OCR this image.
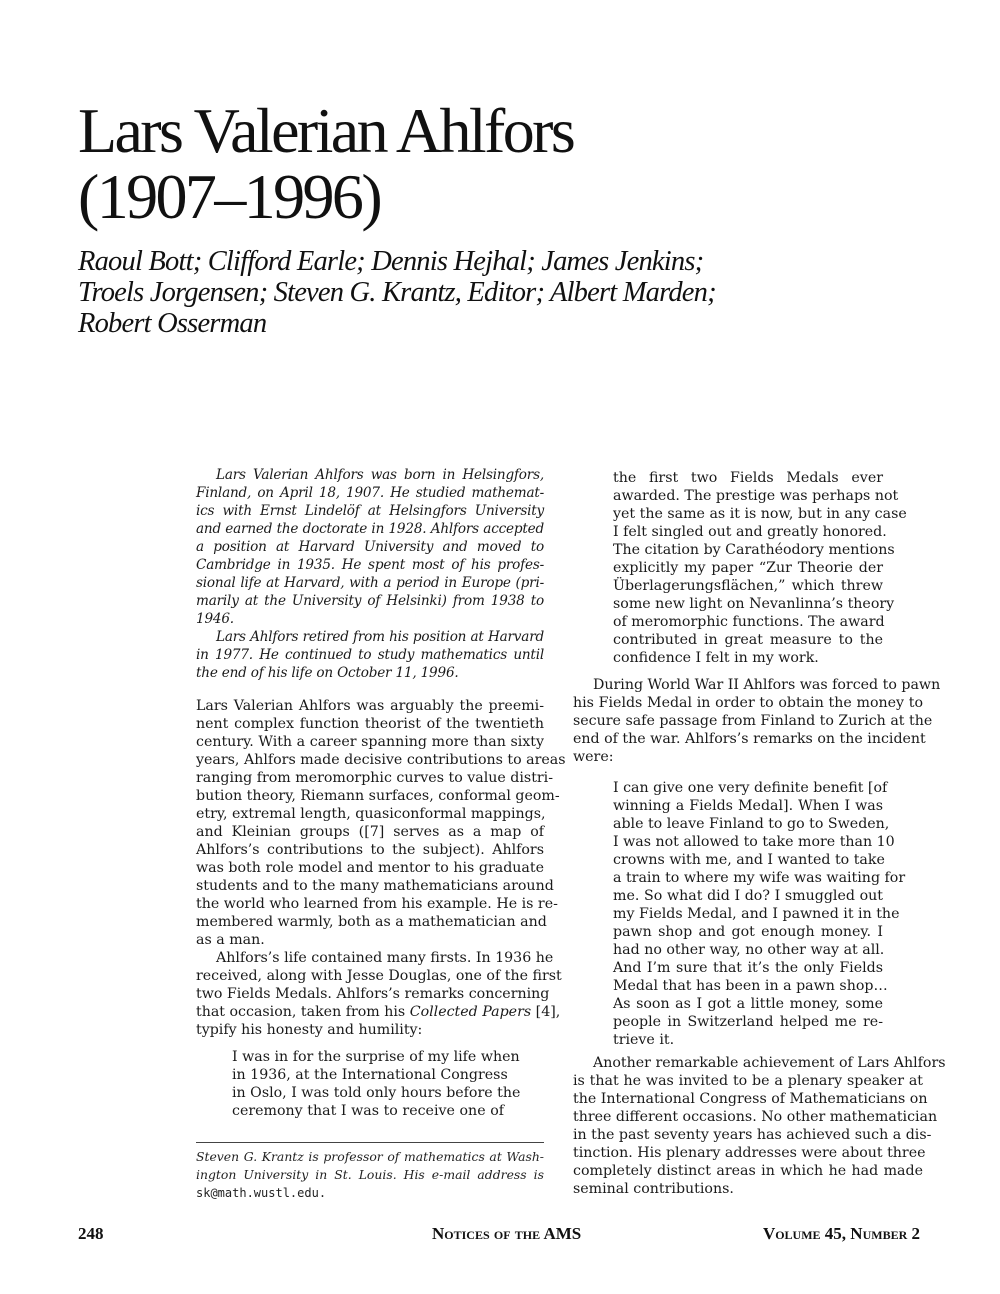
Lars Valerian Ahlfors
(1907–1996)
Raoul Bott; Clifford Earle; Dennis Hejhal; James Jenkins;
Troels Jorgensen; Steven G. Krantz, Editor; Albert Marden;
Robert Osserman
Lars Valerian Ahlfors was born in Helsingfors,
Finland, on April 18, 1907. He studied mathemat-
ics with Ernst Lindelöf at Helsingfors University
and earned the doctorate in 1928. Ahlfors accepted
a position at Harvard University and moved to
Cambridge in 1935. He spent most of his profes-
sional life at Harvard, with a period in Europe (pri-
marily at the University of Helsinki) from 1938 to
1946.
Lars Ahlfors retired from his position at Harvard
in 1977. He continued to study mathematics until
the end of his life on October 11, 1996.
Lars Valerian Ahlfors was arguably the preemi-
nent complex function theorist of the twentieth
century. With a career spanning more than sixty
years, Ahlfors made decisive contributions to areas
ranging from meromorphic curves to value distri-
bution theory, Riemann surfaces, conformal geom-
etry, extremal length, quasiconformal mappings,
and Kleinian groups ([7] serves as a map of
Ahlfors’s contributions to the subject). Ahlfors
was both role model and mentor to his graduate
students and to the many mathematicians around
the world who learned from his example. He is re-
membered warmly, both as a mathematician and
as a man.
Ahlfors’s life contained many firsts. In 1936 he
received, along with Jesse Douglas, one of the first
two Fields Medals. Ahlfors’s remarks concerning
that occasion, taken from his Collected Papers [4],
typify his honesty and humility:
I was in for the surprise of my life when
in 1936, at the International Congress
in Oslo, I was told only hours before the
ceremony that I was to receive one of
Steven G. Krantz is professor of mathematics at Wash-
ington University in St. Louis. His e-mail address is
sk@math.wustl.edu.
the first two Fields Medals ever
awarded. The prestige was perhaps not
yet the same as it is now, but in any case
I felt singled out and greatly honored.
The citation by Carathéodory mentions
explicitly my paper “Zur Theorie der
Überlagerungsflächen,” which threw
some new light on Nevanlinna’s theory
of meromorphic functions. The award
contributed in great measure to the
confidence I felt in my work.
During World War II Ahlfors was forced to pawn
his Fields Medal in order to obtain the money to
secure safe passage from Finland to Zurich at the
end of the war. Ahlfors’s remarks on the incident
were:
I can give one very definite benefit [of
winning a Fields Medal]. When I was
able to leave Finland to go to Sweden,
I was not allowed to take more than 10
crowns with me, and I wanted to take
a train to where my wife was waiting for
me. So what did I do? I smuggled out
my Fields Medal, and I pawned it in the
pawn shop and got enough money. I
had no other way, no other way at all.
And I’m sure that it’s the only Fields
Medal that has been in a pawn shop…
As soon as I got a little money, some
people in Switzerland helped me re-
trieve it.
Another remarkable achievement of Lars Ahlfors
is that he was invited to be a plenary speaker at
the International Congress of Mathematicians on
three different occasions. No other mathematician
in the past seventy years has achieved such a dis-
tinction. His plenary addresses were about three
completely distinct areas in which he had made
seminal contributions.
248	Notices of the AMS	Volume 45, Number 2
